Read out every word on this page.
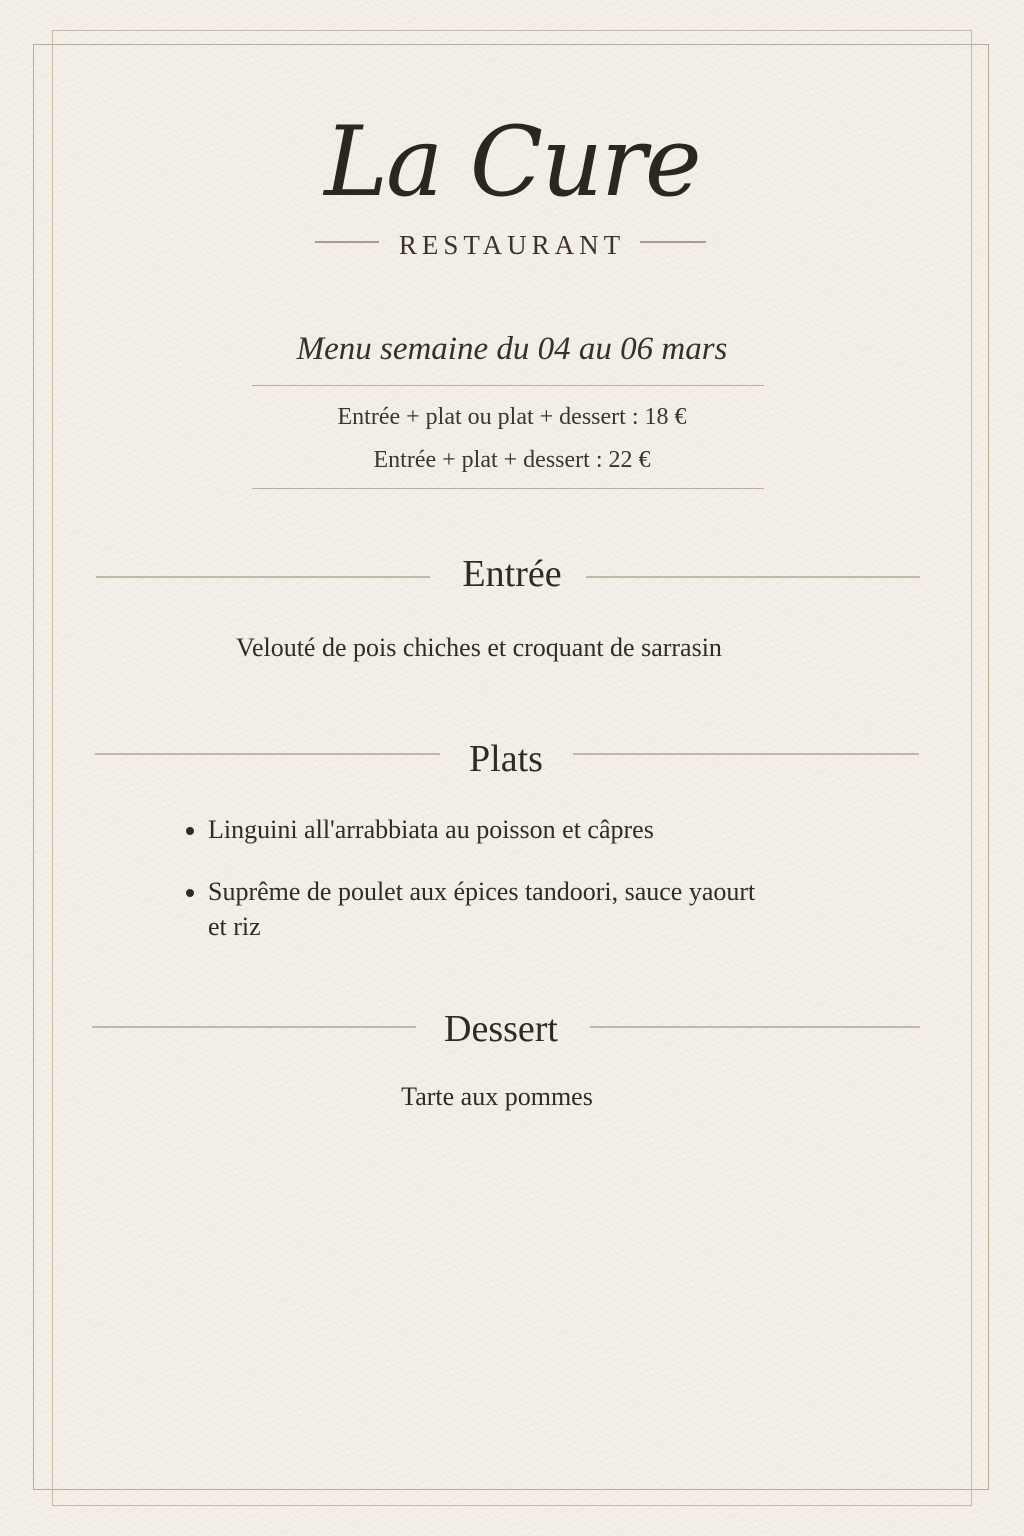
La Cure
RESTAURANT
Menu semaine du 04 au 06 mars
Entrée + plat ou plat + dessert : 18 €
Entrée + plat + dessert : 22 €
Entrée
Velouté de pois chiches et croquant de sarrasin
Plats
Linguini all'arrabbiata au poisson et câpres
Suprême de poulet aux épices tandoori, sauce yaourt
et riz
Dessert
Tarte aux pommes
